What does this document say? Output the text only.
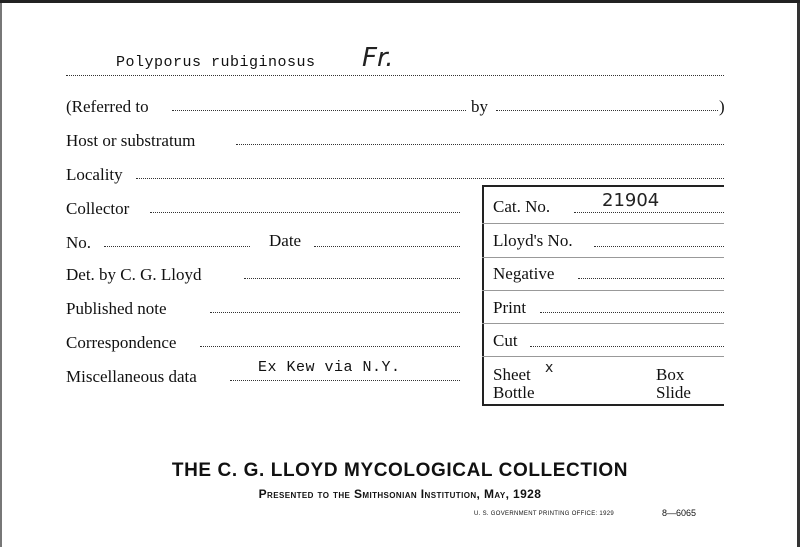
Polyporus rubiginosus Fr.
(Referred to	by	)
Host or substratum
Locality
Collector
No.	Date
Det. by C. G. Lloyd
Published note
Correspondence
Miscellaneous data	Ex Kew via N.Y.
Cat. No.	21904
Lloyd's No.
Negative
Print
Cut
Sheet x	Box
Bottle	Slide
THE C. G. LLOYD MYCOLOGICAL COLLECTION
Presented to the Smithsonian Institution, May, 1928
U. S. GOVERNMENT PRINTING OFFICE: 1929	8—6065
